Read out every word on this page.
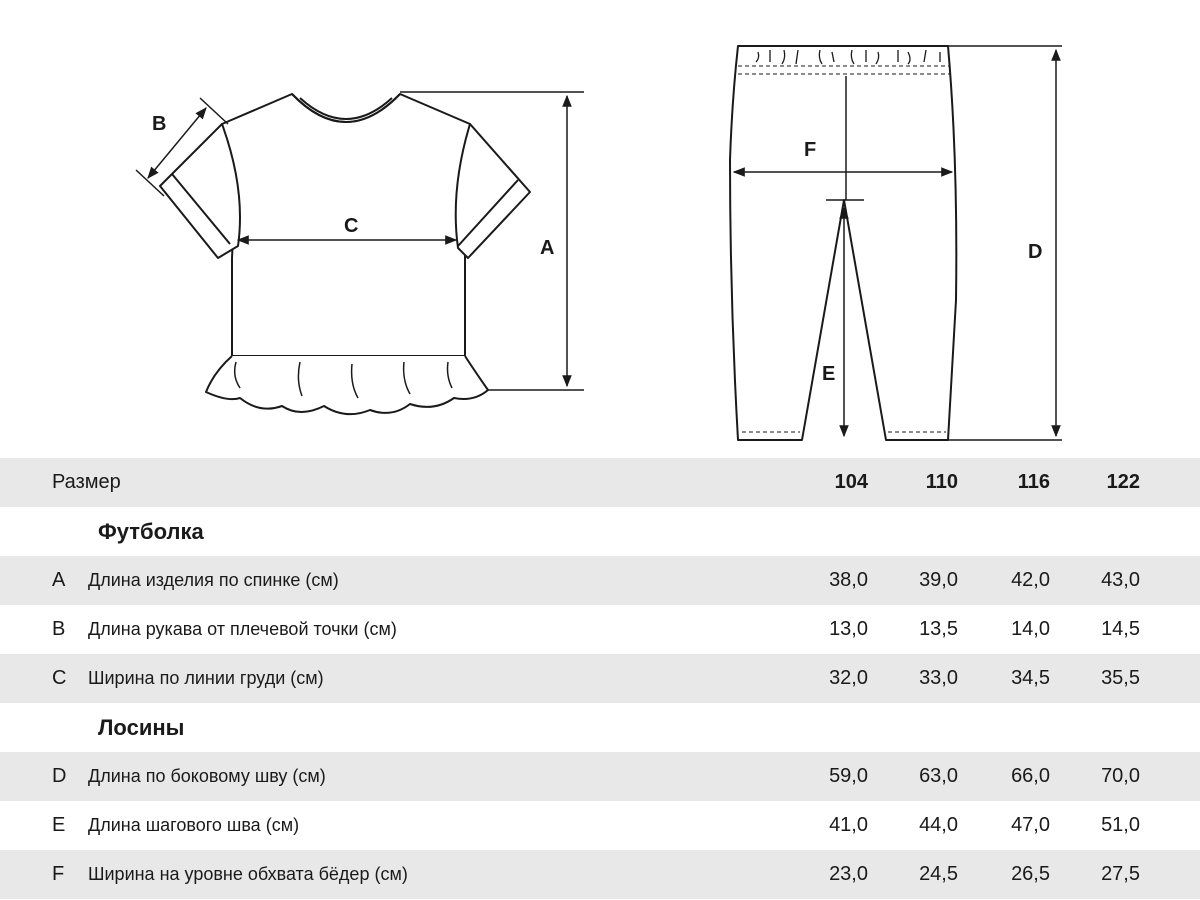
A
B
C
D
E
F
Размер	104	110	116	122
Футболка
A Длина изделия по спинке (см)	38,0	39,0	42,0	43,0
B Длина рукава от плечевой точки (см)	13,0	13,5	14,0	14,5
C Ширина по линии груди (см)	32,0	33,0	34,5	35,5
Лосины
D Длина по боковому шву (см)	59,0	63,0	66,0	70,0
E Длина шагового шва (см)	41,0	44,0	47,0	51,0
F Ширина на уровне обхвата бёдер (см)	23,0	24,5	26,5	27,5
